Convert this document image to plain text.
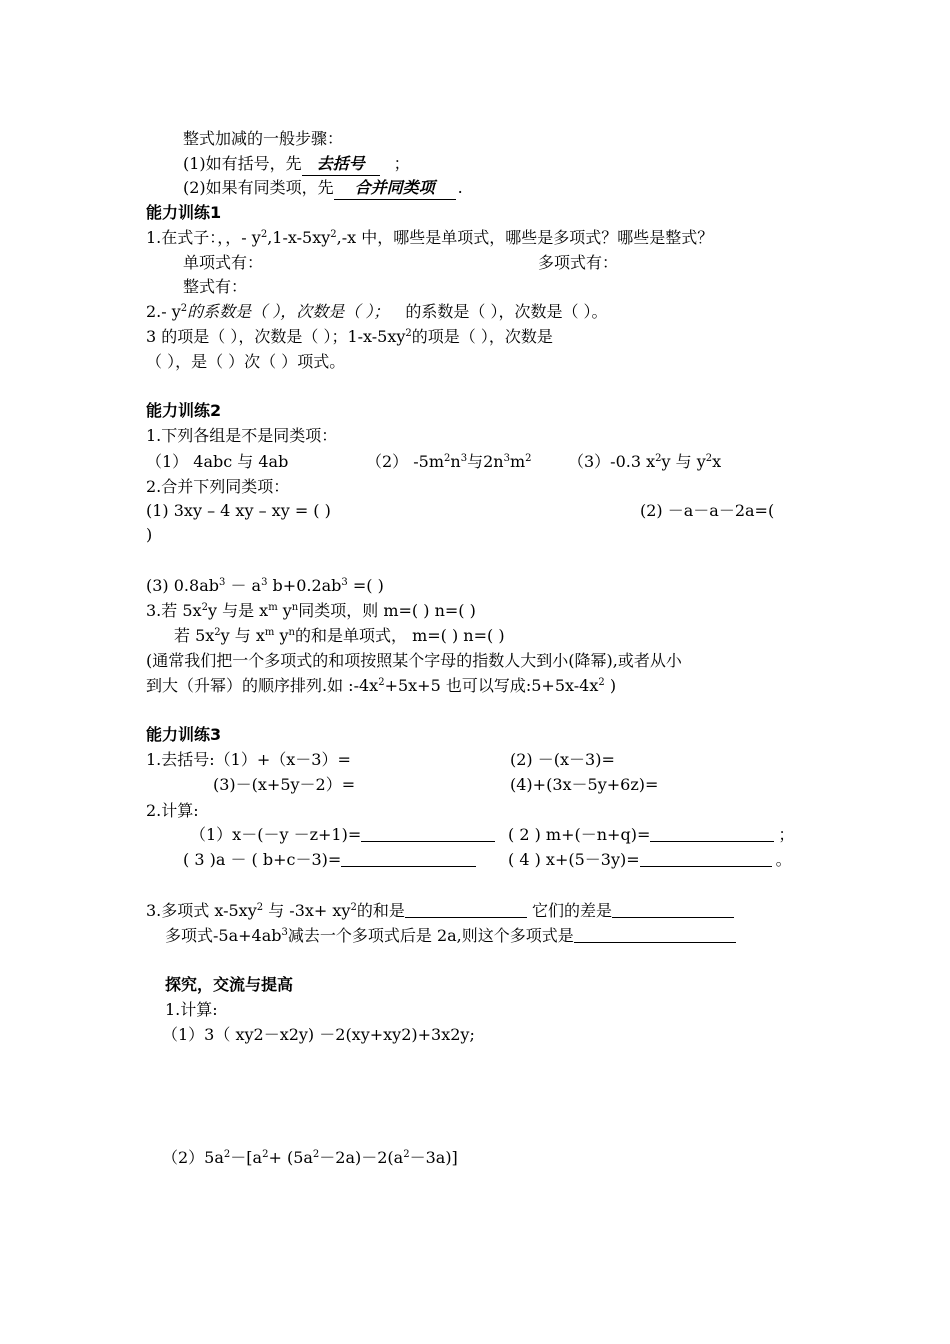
整式加减的一般步骤：
(1)如有括号，先 去括号 ；
(2)如果有同类项，先 合并同类项 .
能力训练1
1.在式子：，，- $y^2,1-x-5xy^2,-x$ 中，哪些是单项式，哪些是多项式？哪些是整式？
单项式有：	多项式有：
整式有：
2.- $y^2$的系数是（ ），次数是（ ）； 的系数是（ ），次数是（ ）。
3 的项是（ ），次数是（ ）；$1-x-5xy^2$的项是（ ），次数是
（ ），是（ ）次（ ）项式。
能力训练2
1.下列各组是不是同类项：
（1） 4abc 与 4ab	（2） $-5m^2n^3$与$2n^3m^2$ （3）-0.3 $x^2y$ 与 $y^2x$
2.合并下列同类项：
(1) 3xy – 4 xy – xy = ( )	(2) －a－a－2a=(
)
(3) $0.8ab^3 - a^3$ $b+0.2ab^3$ =( )
3.若 $5x^2y$ 与是 $x^m$ $y^n$同类项，则 m=( ) n=( )
若 $5x^2y$ 与 $x^m$ $y^n$的和是单项式， m=( ) n=( )
(通常我们把一个多项式的和项按照某个字母的指数人大到小(降幂),或者从小
到大（升幂）的顺序排列.如 $:-4x^2+5x+5$ 也可以写成$:5+5x-4x^2$ )
能力训练3
1.去括号:（1）+（x－3）=	(2) －(x－3)=
(3)－(x+5y－2）=	(4)+(3x－5y+6z)=
2.计算:
（1）x－(－y －z+1)=	( 2 ) m+(－n+q)=	；
( 3 )a － ( b+c－3)=	( 4 ) x+(5－3y)=	。
3.多项式 $x-5xy^2$ 与 $-3x+ xy^2$的和是	它们的差是
多项式$-5a+4ab^3$减去一个多项式后是 2a,则这个多项式是
探究，交流与提高
1.计算:
（1）3（ xy2－x2y) －2(xy+xy2)+3x2y;
$(2)5a^2-[a^2+ (5a^2-2a)-2(a^2-3a)]$
